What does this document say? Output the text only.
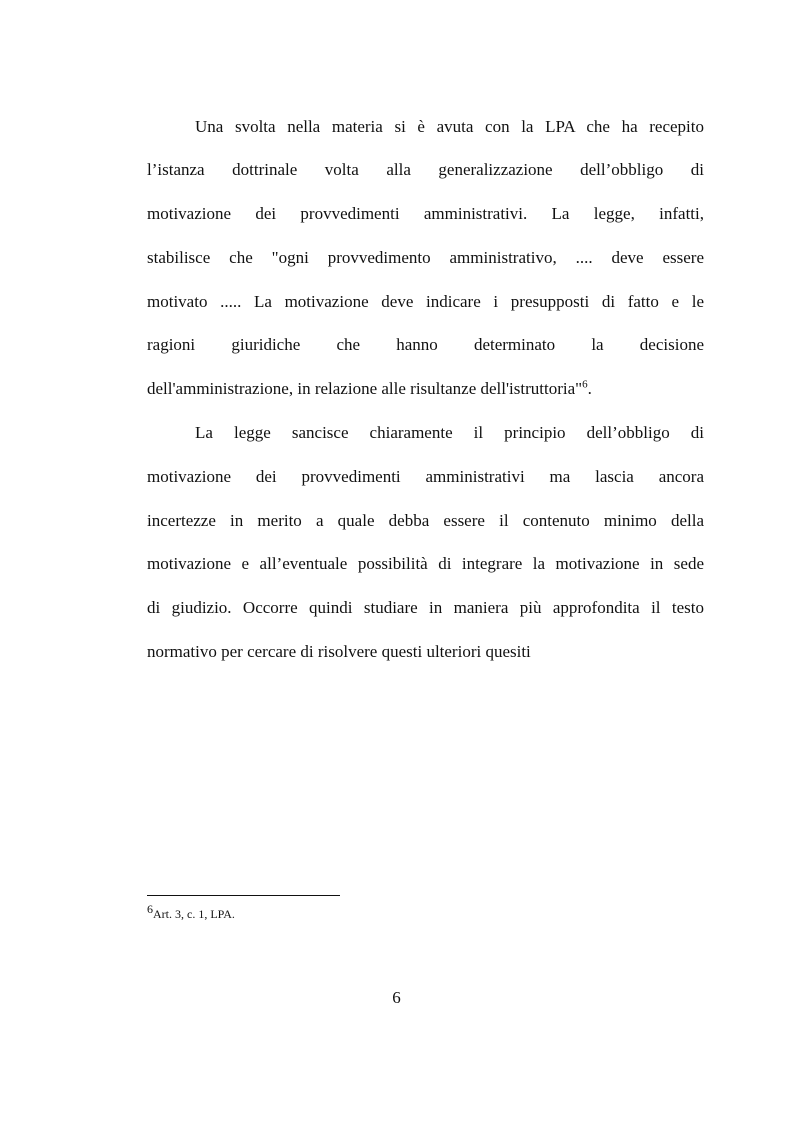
Una svolta nella materia si è avuta con la LPA che ha recepito
l’istanza dottrinale volta alla generalizzazione dell’obbligo di
motivazione dei provvedimenti amministrativi. La legge, infatti,
stabilisce che "ogni provvedimento amministrativo, .... deve essere
motivato ..... La motivazione deve indicare i presupposti di fatto e le
ragioni giuridiche che hanno determinato la decisione
dell'amministrazione, in relazione alle risultanze dell'istruttoria"$^6$.
La legge sancisce chiaramente il principio dell’obbligo di
motivazione dei provvedimenti amministrativi ma lascia ancora
incertezze in merito a quale debba essere il contenuto minimo della
motivazione e all’eventuale possibilità di integrare la motivazione in sede
di giudizio. Occorre quindi studiare in maniera più approfondita il testo
normativo per cercare di risolvere questi ulteriori quesiti
6Art. 3, c. 1, LPA.
6
